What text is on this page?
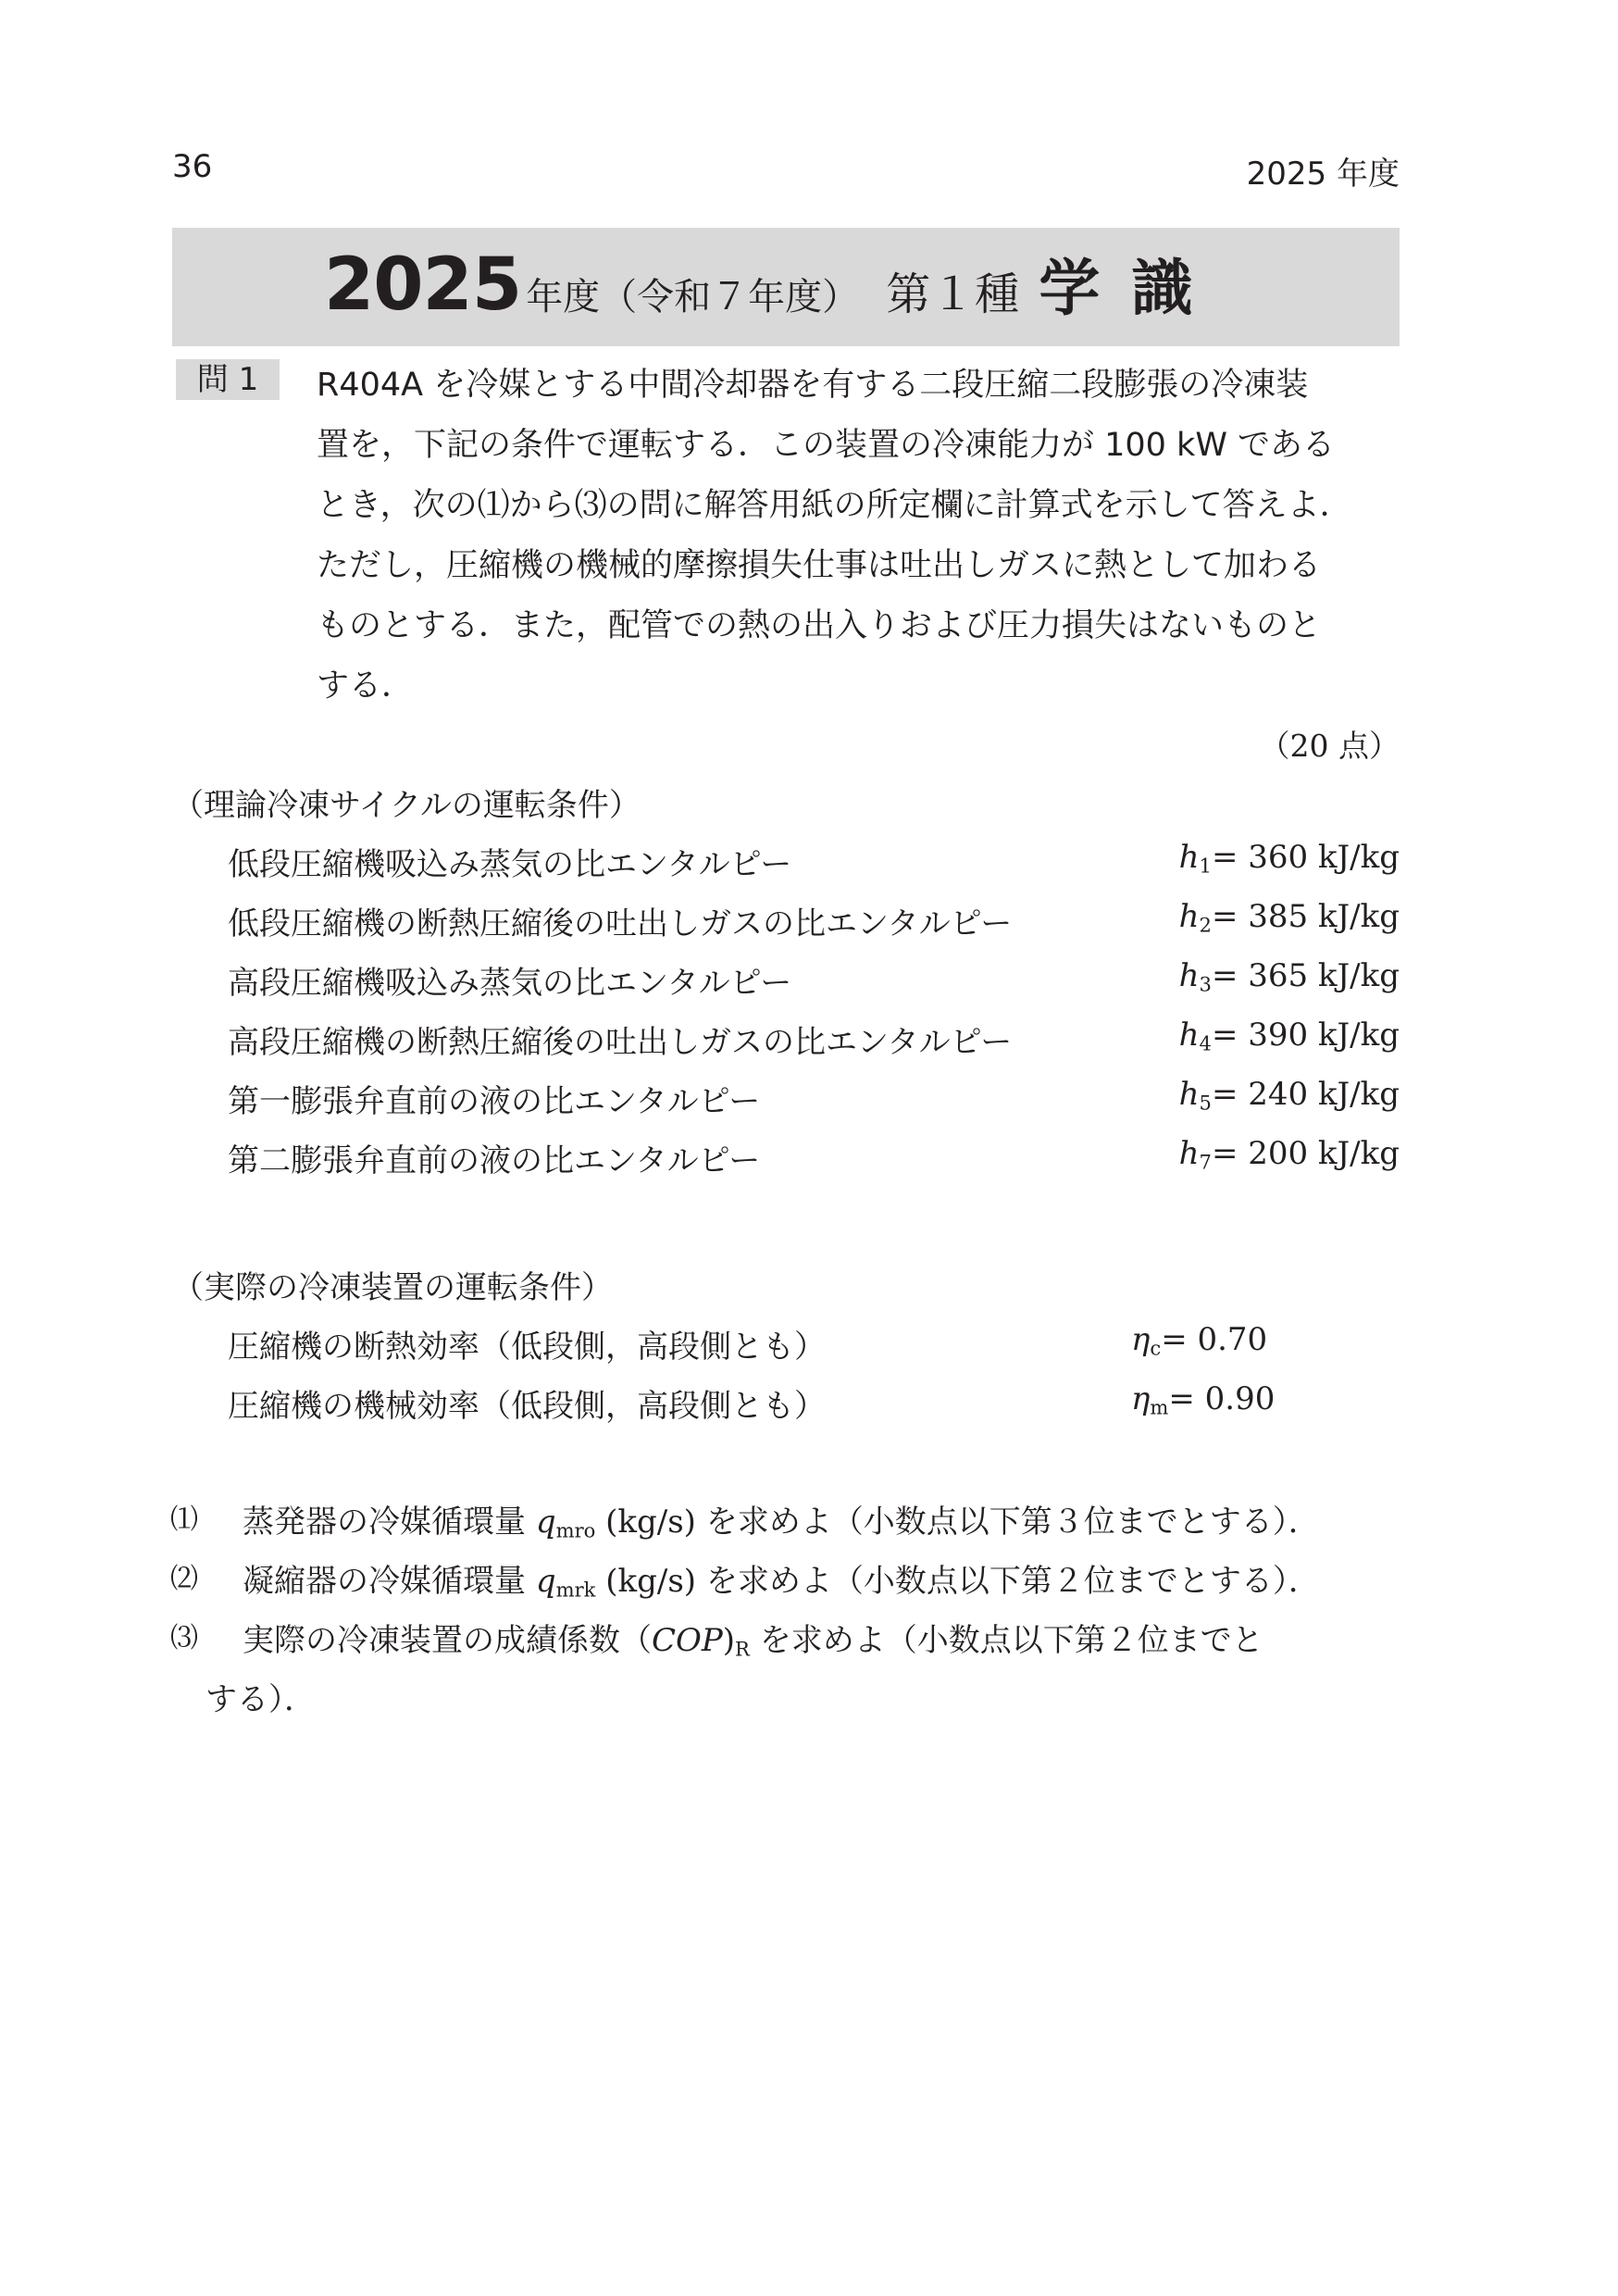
36	2025 年度
2025 年度（令和７年度） 第１種 学識
問 1	R404A を冷媒とする中間冷却器を有する二段圧縮二段膨張の冷凍装
置を，下記の条件で運転する．この装置の冷凍能力が 100 kW である
とき，次の⑴から⑶の問に解答用紙の所定欄に計算式を示して答えよ．
ただし，圧縮機の機械的摩擦損失仕事は吐出しガスに熱として加わる
ものとする．また，配管での熱の出入りおよび圧力損失はないものと
する．
（20 点）
（理論冷凍サイクルの運転条件）
低段圧縮機吸込み蒸気の比エンタルピー	$h_1= 360$ kJ/kg
低段圧縮機の断熱圧縮後の吐出しガスの比エンタルピー	$h_2= 385$ kJ/kg
高段圧縮機吸込み蒸気の比エンタルピー	$h_3= 365$ kJ/kg
高段圧縮機の断熱圧縮後の吐出しガスの比エンタルピー	$h_4= 390$ kJ/kg
第一膨張弁直前の液の比エンタルピー	$h_5= 240$ kJ/kg
第二膨張弁直前の液の比エンタルピー	$h_7= 200$ kJ/kg
（実際の冷凍装置の運転条件）
圧縮機の断熱効率（低段側，高段側とも）	$\eta_c= 0.70$
圧縮機の機械効率（低段側，高段側とも）	$\eta_m= 0.90$
⑴ 蒸発器の冷媒循環量 $q_{mro}$ (kg/s) を求めよ（小数点以下第３位までとする）．
⑵ 凝縮器の冷媒循環量 $q_{mrk}$ (kg/s) を求めよ（小数点以下第２位までとする）．
⑶ 実際の冷凍装置の成績係数$(COP)_R$ を求めよ（小数点以下第２位までと
する）．
